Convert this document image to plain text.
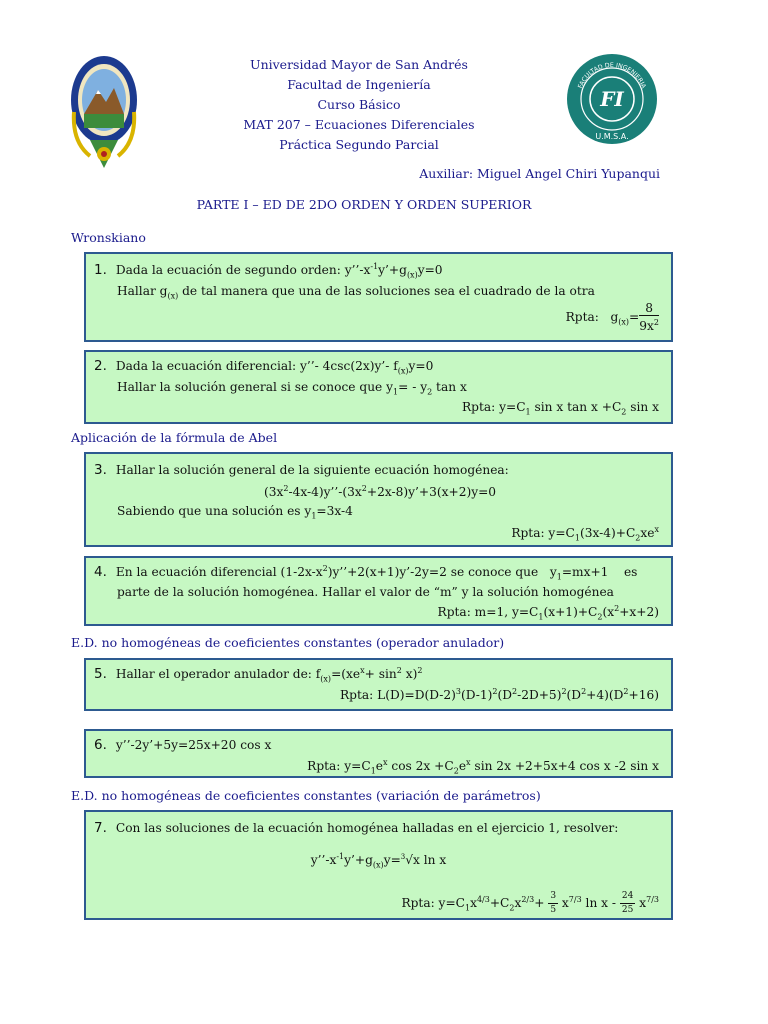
FI
U.M.S.A.
FACULTAD DE INGENIERIA
Universidad Mayor de San Andrés
Facultad de Ingeniería
Curso Básico
MAT 207 – Ecuaciones Diferenciales
Práctica Segundo Parcial
Auxiliar: Miguel Angel Chiri Yupanqui
PARTE I – ED DE 2DO ORDEN Y ORDEN SUPERIOR
Wronskiano
1. Dada la ecuación de segundo orden: $y’’-x^{-1}y’+g_{(x)}y=0$
Hallar $g_{(x)}$ de tal manera que una de las soluciones sea el cuadrado de la otra
Rpta:   $g_{(x)}= \frac{8}{9x^2}$
2. Dada la ecuación diferencial: y’’- 4csc(2x)y’- $f_{(x)}y=0$
Hallar la solución general si se conoce que $y_1= - y_2$ tan x
Rpta: $y=C_1$ sin x $\tan x +C_2$ sin x
Aplicación de la fórmula de Abel
3. Hallar la solución general de la siguiente ecuación homogénea:
$(3x^2-4x-4)y’’-(3x^2+2x-8)y’+3(x+2)y=0$
Sabiendo que una solución es $y_1=3x-4$
Rpta: $y=C_1(3x-4)+C_2xe^x$
4. En la ecuación diferencial $(1-2x-x^2)y’’+2(x+1)y’-2y=2$ se conoce que   $y_1=mx+1$    es
parte de la solución homogénea. Hallar el valor de “m” y la solución homogénea
Rpta: m=1, $y=C_1(x+1)+C_2(x^2+x+2)$
E.D. no homogéneas de coeficientes constantes (operador anulador)
5. Hallar el operador anulador de: $f_{(x)}=(xe^x+ \sin^2 x)^2$
Rpta: $L(D)=D(D-2)^3(D-1)^2(D^2-2D+5)^2(D^2+4)(D^2+16)$
6. y’’-2y’+5y=25x+20 cos x
Rpta: $y=C_1e^x$ $\cos 2x +C_2e^x$ sin 2x +2+5x+4 cos x -2 sin x
E.D. no homogéneas de coeficientes constantes (variación de parámetros)
7. Con las soluciones de la ecuación homogénea halladas en el ejercicio 1, resolver:
$y’’-x^{-1}y’+g_{(x)}y=^3√x$ ln x
Rpta: $y=C_1x^{4/3}+C_2x^{2/3}+ \frac{3}{5} x^{7/3}$ ln x - $\frac{24}{25} x^{7/3}$
